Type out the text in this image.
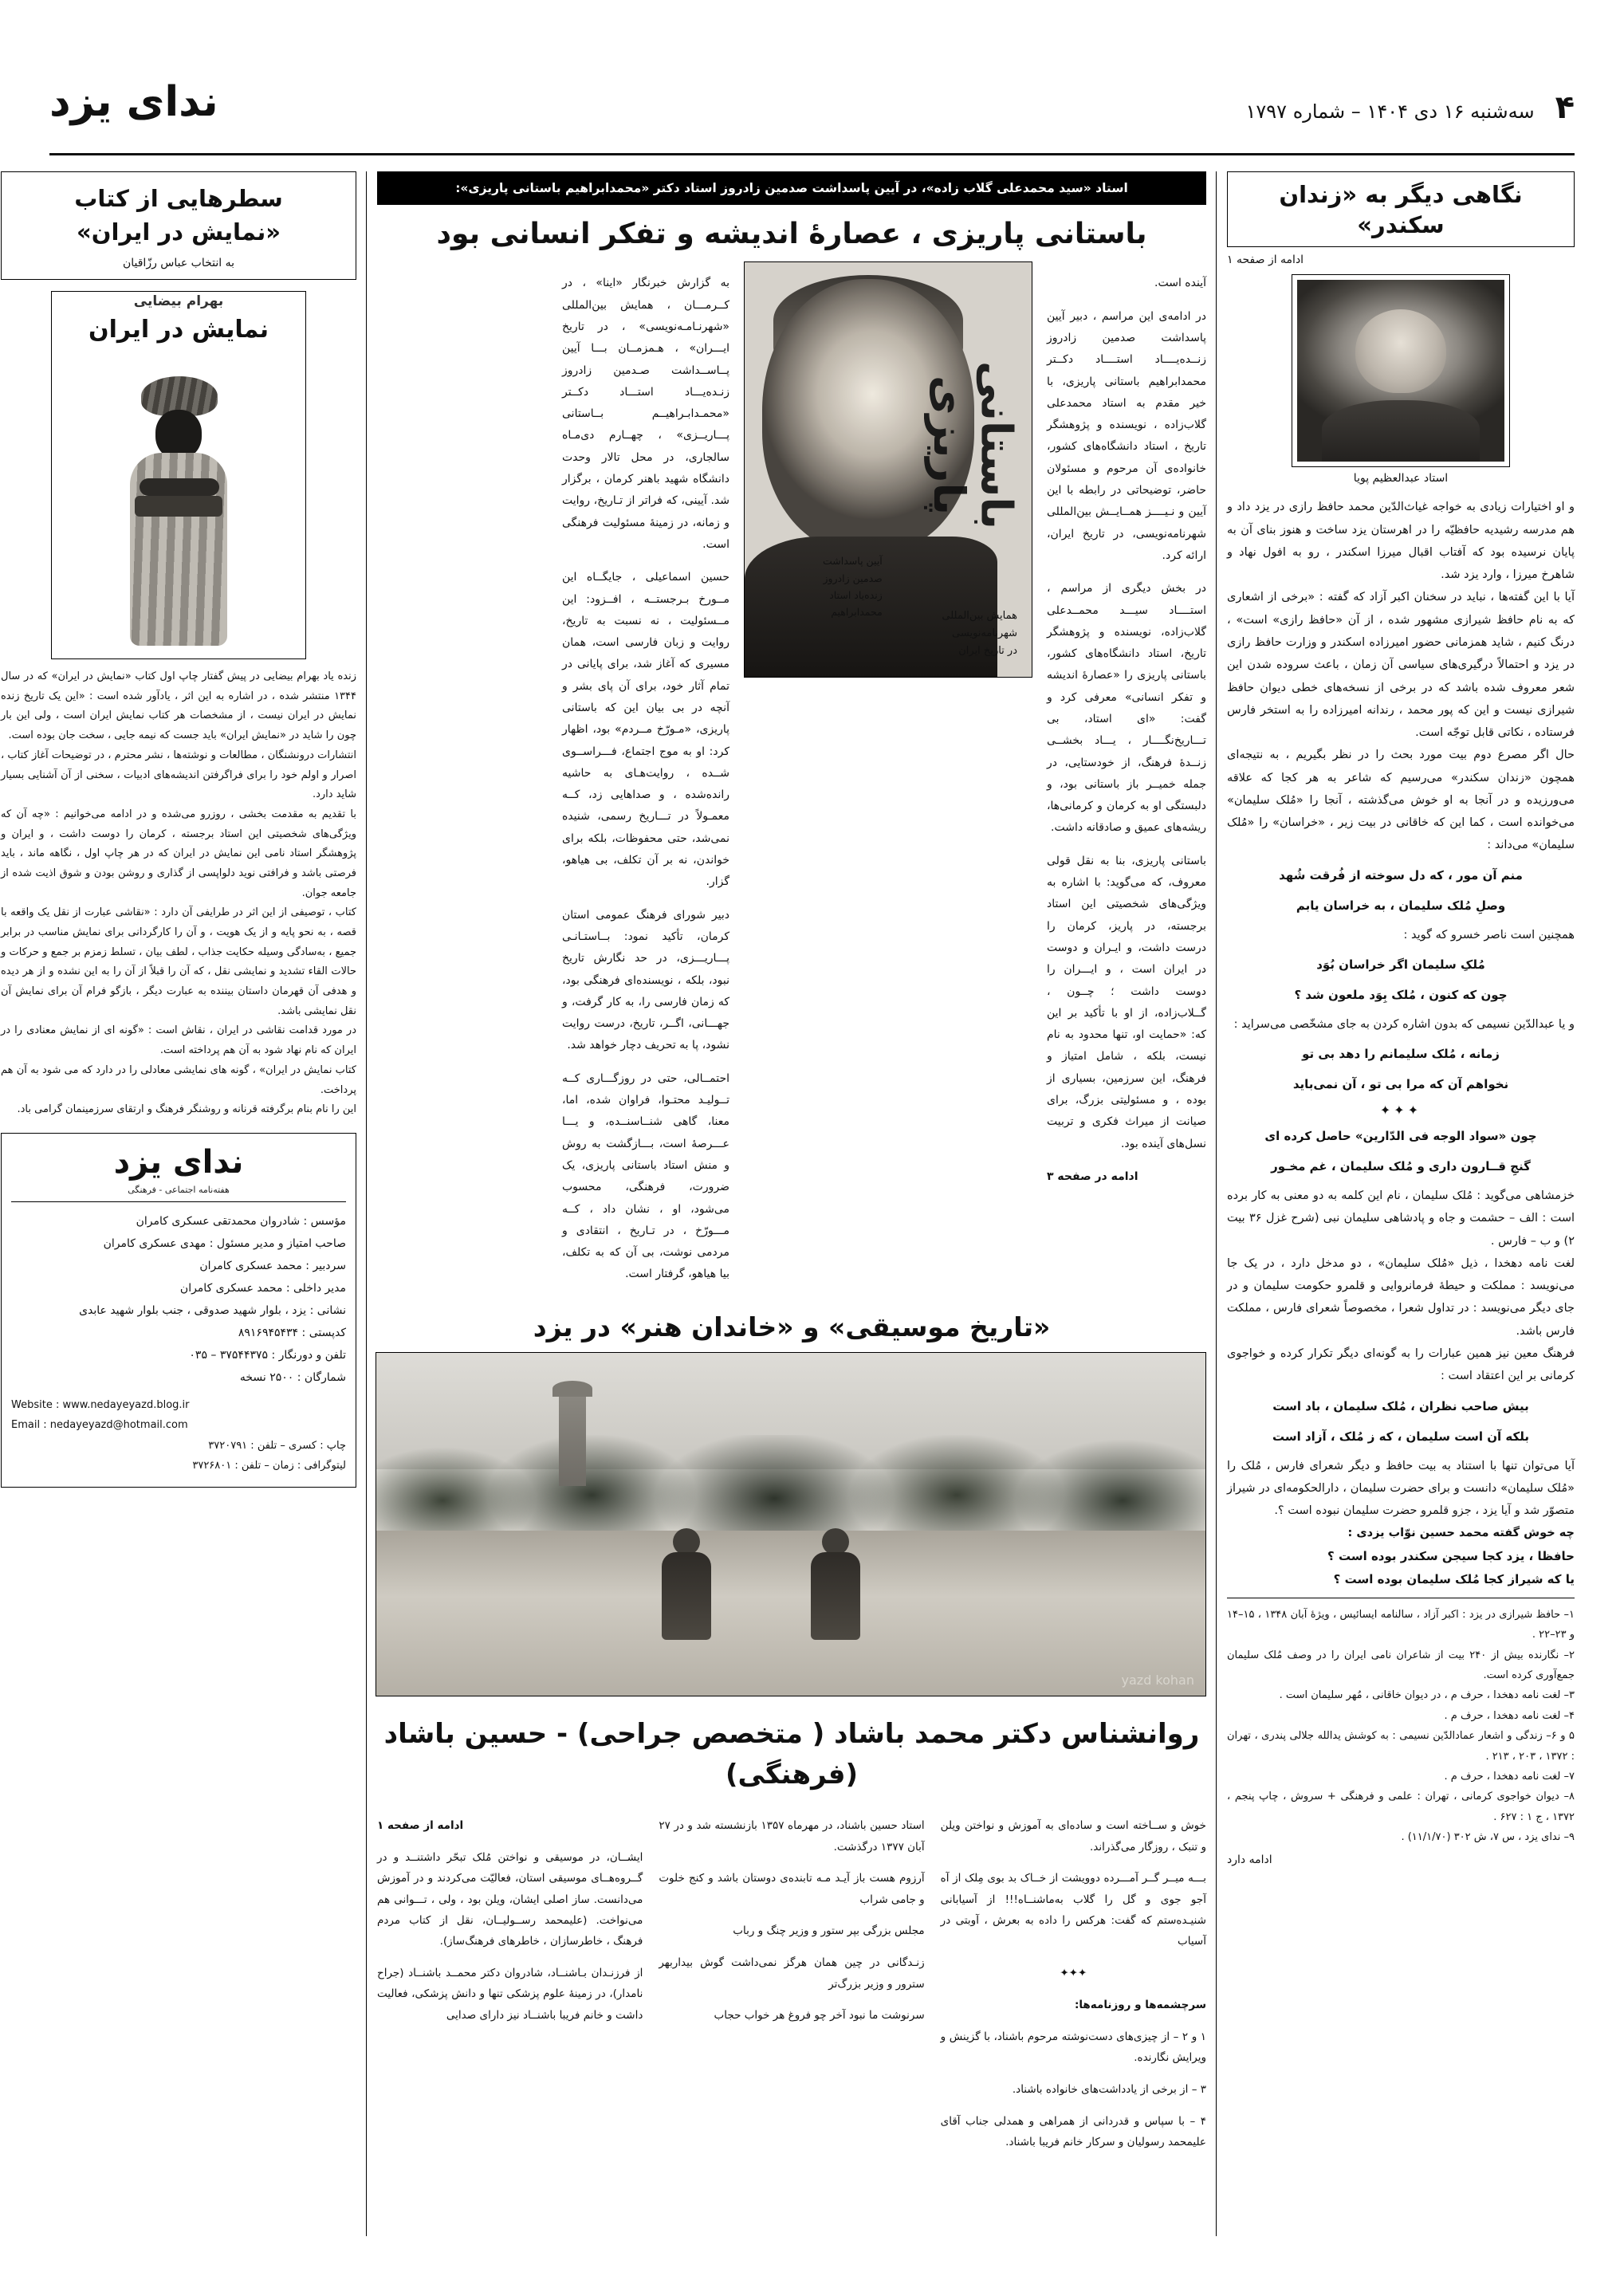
ندای یزد	۴
سه‌شنبه ۱۶ دی ۱۴۰۴ – شماره ۱۷۹۷
نگاهی دیگر به «زندان سکندر»
ادامه از صفحه ۱
استاد عبدالعظیم پویا
و او اختیارات زیادی به خواجه غیاث‌الدّین محمد حافظ رازی در یزد داد و هم مدرسه رشیدیه حافظیّه را در اهرستان یزد ساخت و هنوز بنای آن به پایان نرسیده بود که آفتاب اقبال میرزا اسکندر ، رو به افول نهاد و شاهرخ میرزا ، وارد یزد شد.
آیا با این گفته‌ها ، نباید در سخنان اکبر آزاد که گفته : «برخی از اشعاری که به نام حافظ شیرازی مشهور شده ، از آن «حافظ رازی» است» ، درنگ کنیم ، شاید همزمانی حضور امیرزاده اسکندر و وزارت حافظ رازی در یزد و احتمالاً درگیری‌های سیاسی آن زمان ، باعث سروده شدن این شعر معروف شده باشد که در برخی از نسخه‌های خطی دیوان حافظ شیرازی نیست و این که پور محمد ، رندانه امیرزاده را به استخر فارس فرستاده ، نکاتی قابل توجّه است.
حال اگر مصرع دوم بیت مورد بحث را در نظر بگیریم ، به نتیجه‌ای همچون «زندان سکندر» می‌رسیم که شاعر به هر کجا که علاقه می‌ورزیده و در آنجا به او خوش می‌گذشته ، آنجا را «مُلک سلیمان» می‌خوانده است ، کما این که خاقانی در بیت زیر ، «خراسان» را «مُلک سلیمان» می‌داند :
منم آن مور ، که دل سوخته از فُرقت شُهد
وصلِ مُلک سلیمان ، به خراسان یابم
همچنین است ناصر خسرو که گوید :
مُلکِ سلیمان اگر خراسان بُوَد
چون که کنون ، مُلک بِوَد ملعون شد ؟
و یا عبدالدّین نسیمی که بدون اشاره کردن به جای مشخّصی می‌سراید :
زمانه ، مُلک سلیمانم را دهد بی تو
نخواهم آن که مرا بی تو ، آن نمی‌باید
✦✦✦
چون «سواد الوجه فی الدّارین» حاصل کرده ای
گنجِ قــارون داری و مُلک سلیمان ، غم مخـور
خزمشاهی می‌گوید : مُلک سلیمان ، نام این کلمه به دو معنی به کار برده است : الف – حشمت و جاه و پادشاهی سلیمان نبی (شرح غزل ۳۶ بیت ۲) و ب – فارس .
لغت نامه دهخدا ، ذیل «مُلک سلیمان» ، دو مدخل دارد ، در یک جا می‌نویسد : مملکت و حیطهٔ فرمانروایی و قلمرو حکومت سلیمان و در جای دیگر می‌نویسد : در تداول شعرا ، مخصوصاً شعرای فارس ، مملکت فارس باشد.
فرهنگ معین نیز همین عبارات را به گونه‌ای دیگر تکرار کرده و خواجوی کرمانی بر این اعتقاد است :
بیش صاحب نظران ، مُلک سلیمان ، باد است
بلکه آن است سلیمان ، که ز مُلک ، آزاد است
آیا می‌توان تنها با استناد به بیت حافظ و دیگر شعرای فارس ، مُلک را «مُلک سلیمان» دانست و برای حضرت سلیمان ، دارالحکومه‌ای در شیراز متصوّر شد و آیا یزد ، جزو قلمرو حضرت سلیمان نبوده است ؟.
چه خوش گفته محمد حسین نوّاب یزدی :
حافظا ، یزد کجا سیجن سکندر بوده است ؟
یا که شیراز کجا مُلک سلیمان بوده است ؟
۱– حافظ شیرازی در یزد : اکبر آزاد ، سالنامه ایسائیس ، ویژهٔ آبان ۱۳۴۸ ، ۱۵–۱۴ و ۲۳–۲۲ .
۲– نگارنده بیش از ۲۴۰ بیت از شاعران نامی ایران را در وصف مُلک سلیمان جمع‌آوری کرده است.
۳– لغت نامه دهخدا ، حرف م ، در دیوان خاقانی ، مُهر سلیمان است .
۴– لغت نامه دهخدا ، حرف م .
۵ و ۶– زندگی و اشعار عمادالدّین نسیمی : به کوشش یدالله جلالی پندری ، تهران : ۱۳۷۲ ، ۲۰۳ ، ۲۱۳ .
۷– لغت نامه دهخدا ، حرف م .
۸– دیوان خواجوی کرمانی ، تهران : علمی و فرهنگی + سروش ، چاپ پنجم ، ۱۳۷۲ ، ج ۱ : ۶۲۷ .
۹– ندای یزد ، س ۷، ش ۳۰۲ (۱۱/۱/۷۰) .
ادامه دارد
استاد «سید محمدعلی گلاب زاده»، در آیین پاسداشت صدمین زادروز استاد دکتر «محمدابراهیم باستانی پاریزی»:
باستانی پاریزی ، عصارهٔ اندیشه و تفکر انسانی بود

آینده است.

در ادامه‌ی این مراسم ، دبیر آیین پاسداشت صدمین زادروز زنــده‌یــــاد استــــاد دکــتر محمدابراهیم باستانی پاریزی، با خیر مقدم به استاد محمدعلی گلاب‌زاده ، نویسنده و پژوهشگر تاریخ ، استاد دانشگاه‌های کشور، خانواده‌ی آن مرحوم و مسئولان حاضر، توضیحاتی در رابطه با این آیین و نـیــــز همــایــش بین‌المللی شهرنامه‌نویسی، در تاریخ ایران، ارائه کرد.

در بخش دیگری از مراسم ، استــــاد سیـــد محمــدعلی گلاب‌زاده، نویسنده و پژوهشگر تاریخ، استاد دانشگاه‌های کشور، باستانی پاریزی را «عصارهٔ اندیشه و تفکر انسانی» معرفی کرد و گفت: «ای استاد، بی تـــاریخ‌نگــــار ، یـــاد بخشــی زنــدهٔ فرهنگ، از خودستایی، در جمله خمیــر باز باستانی بود، و دلبستگی او به کرمان و کرمانی‌ها، ریشه‌های عمیق و صادقانه داشت.

باستانی پاریزی، بنا به نقل قولی معروف، که می‌گوید: با اشاره به ویژگی‌های شخصیتی این استاد برجسته، در پاریز، کرمان را درست داشت، و ایـران و دوست در ایران است ، و ایـــران را دوست داشت ؛ چــون ، گــلاب‌زاده، از او با تأکید بر این که: «حمایت او، تنها محدود به نام نیست، بلکه ، شامل امتیاز و فرهنگ، این سرزمین، بسیاری از بوده ، و مسئولیتی بزرگ، برای صیانت از میراث فکری و تربیت نسل‌های آینده بود.

ادامه در صفحه ۳

باستانی پاریزی
آیین پاسداشت
صدمین زادروز
زنده‌یاد استاد
محمدابراهیم	همایش بین‌المللی
شهرنامه‌نویسی
در تاریخ ایران

به گزارش خبرنگار «اینا» ، در کــرمـــان ، همایش بین‌المللی «شهرنـامـه‌نویسی» ، در تاریخ ایـــران» ، هـمزمــان بـــا آیین پــاســداشت صـدمین زادروز زنـده‌یـــاد استـــاد دکــتر «محمـدابـراهیــم بــاستانی پـــاریــزی» ، چهــارم دی‌مـاه سالجاری، در محل تالار وحدت دانشگاه شهید باهنر کرمان ، برگزار شد. آیینی، که فراتر از تـاریخ، روایت و زمانه، در زمینهٔ مسئولیت فرهنگی است.

حسین اسماعیلی ، جایگــاه این مــورخ بـرجستــه ، افــزود: این مــسئولیت ، نه نسبت به تاریخ، روایت و زبان فارسی است، همان مسیری که آغاز شد، برای پایانی در تمام آثار خود، برای آن پای بشر و آنچه در بی بیان این که باستانی پاریزی، «مـورّخ مــردم» بود، اظهار کرد: او به موج اجتماع، فـــراســوی شــده ، روایت‌هـای به حاشیه رانده‌شده ، و صداهایی زد، کــه معمـولاً در تـــاریخ رسمی، شنیده نمی‌شد، حتی محفوظات، بلکه برای خواندن، نه بر آن تکلف، بی هیاهو، گزار.

دبیر شورای فرهنگ عمومی استان کرمان، تأکید نمود: بــاستـانـی پـــاریـــزی، در حد نگارش تاریخ نبود، بلکه ، نویسنده‌ای فرهنگی بود، که زمان فارسی را، به کار گرفت، و جهـــانی، اگــر، تاریخ، درست روایت نشود، پا به تحریف دچار خواهد شد.

احتمــالی، حتی در روزگـــاری کــه تــولیـد محتـوا، فراوان شده، اما، معنا، گاهی شنــاسنــده، و یـــا عـــرصهٔ است، بـــازگشت به روش و منش استاد باستانی پاریزی، یک ضرورت، فرهنگی، محسوب می‌شود، او ، نشان داد ، کــه مـــورّخ ، در تـاریخ ، انتقادی و مردمی نوشت، بی آن که به تکلف، بیا هیاهو، گرفتار است.

«تاریخ موسیقی» و «خاندان هنر» در یزد
yazd kohan
روانشناس دکتر محمد باشاد ( متخصص جراحی) - حسین باشاد (فرهنگی)

خوش و ســاخته است و ساده‌ای به آموزش و نواختن ویلن و تنبک ، روزگار می‌گذراند.

بـــه میــر گــر آمـــرده دوویشت از خــاک بد بوی مِلک از آه آجو جوی و گل را گلاب به‌ماشنــاه!!! از آسیابانی شنیـده‌ستم که گفت: هرکس را داده به‌ بعرش ، آوبتی در آسیاب

✦✦✦

سرچشمه‌ها و روزنامه‌ها:

۱ و ۲ – از چیزی‌های دست‌نوشته مرحوم باشناد، با گزینش و ویرایش نگارنده.

۳ – از برخی از یادداشت‌های خانواده باشناد.

۴ – با سپاس و قدردانی از همراهی و همدلی جناب آقای علیمحمد رسولیان و سرکار خانم فریبا باشناد.

استاد حسین باشناد، در مهرماه ۱۳۵۷ بازنشسته شد و در ۲۷ آبان ۱۳۷۷ درگذشت.

آرزوم هست باز آیـد مـه تابنده‌ی دوستان باشد و کنج خلوت و جامی شراب

مجلس بزرگی بپر ستور و وزیر چنگ و رباب

زنـدگانی در چین همان هرگز نمی‌داشت گوش بیداربهر سترور و وزیر بزرگ‌تر

سرنوشت ما نبود آخر چو فروغ هر خواب حجاب

ادامه از صفحه ۱

ایشــان، در موسیقی و نواختن مُلک تبحّر داشتنــد و در گــروه‌هــای موسیقی استان، فعالیّت می‌کردند و در آموزش می‌دانست. ساز اصلی ایشان، ویلن بود ، ولی ، تـــوانی هم می‌نواخت. (علیمحمد رســولیــان، نقل از کتاب مردم فرهنگ ، خاطرسازان ، خاطرهای فرهنگ‌ساز).

از فرزنـدان بـاشنــاد، شادروان دکتر محمــد باشنــاد (جراح نامدار)، در زمینهٔ علوم پزشکی تنها و دانش پزشکی، فعالیت داشت و خانم فریبا باشنــاد نیز دارای صدایی

سطرهایی از کتاب
«نمایش در ایران»
به انتخاب عباس رزّاقیان
بهرام بیضایی
نمایش در ایران
زنده یاد بهرام بیضایی در پیش گفتار چاپ اول کتاب «نمایش در ایران» که در سال ۱۳۴۴ منتشر شده ، در اشاره به این اثر ، یادآور شده است : «این یک تاریخ زنده نمایش در ایران نیست ، از مشخصات هر کتاب نمایش ایران است ، ولی این بار چون را شاید در «نمایش ایران» باید جست که نیمه جایی ، سخت جان بوده است.
انتشارات درونشنگان ، مطالعات و نوشته‌ها ، نشر محترم ، در توضیحات آغاز کتاب ، اصرار و اولم خود را برای فراگرفتن اندیشه‌های ادبیات ، سخنی از آن آشنایی بسیار شاید دارد.
با تقدیم به مقدمت بخشی ، روزرو می‌شده و در ادامه می‌خوانیم : «چه آن که ویژگی‌های شخصیتی این استاد برجسته ، کرمان را دوست داشت ، و ایران و پژوهشگر استاد نامی این نمایش در ایران که در هر چاپ اول ، نگاهه ماند ، باید فرصتی باشد و فرافتی نوید دلواپسی از گذاری و روشن بودن و شوق اذیت شده از جامعه جوان.
کتاب ، توصیفی از این اثر در طرایفی آن دارد : «نقاشی عبارت از نقل یک واقعه با قصه ، به نحو پایه و از یک هویت ، و آن را کارگردانی برای نمایش مناسب در برابر جمیع ، به‌سادگی وسیله حکایت جذاب ، لطف بیان ، تسلط زمزم بر جمع و حرکات و حالات القاء تشدید و نمایشی نقل ، که آن را قبلاً از آن را به این نشده و از هر دیده و هدفی آن قهرمان داستان بیننده به عبارت دیگر ، بازگو فرام آن برای نمایش آن نقل نمایشی باشد.
در مورد قدامت نقاشی در ایران ، نقاش است : «گونه ای از نمایش معنادی را در ایران که نام نهاد شود به آن هم پرداخته است.
کتاب نمایش در ایران» ، گونه های نمایشی معادلی را در دارد که می شود به آن هم پرداخت.
این را نام بنام برگرفته قرنانه و روشنگر فرهنگ و ارتقای سرزمینمان گرامی باد.
ندای یزد
هفته‌نامه اجتماعی - فرهنگی
مؤسس : شادروان محمدتقی عسکری کامران
صاحب امتیاز و مدیر مسئول : مهدی عسکری کامران
سردبیر : محمد عسکری کامران
مدیر داخلی : محمد عسکری کامران
نشانی : یزد ، بلوار شهید صدوقی ، جنب بلوار شهید عابدی
کدپستی : ۸۹۱۶۹۴۵۴۳۴
تلفن و دورنگار : ۳۷۵۴۴۳۷۵ – ۰۳۵
شمارگان : ۲۵۰۰ نسخه
Website : www.nedayeyazd.blog.ir
Email : nedayeyazd@hotmail.com
چاپ : کسری – تلفن : ۳۷۲۰۷۹۱
لیتوگرافی : زمان – تلفن : ۳۷۲۶۸۰۱
